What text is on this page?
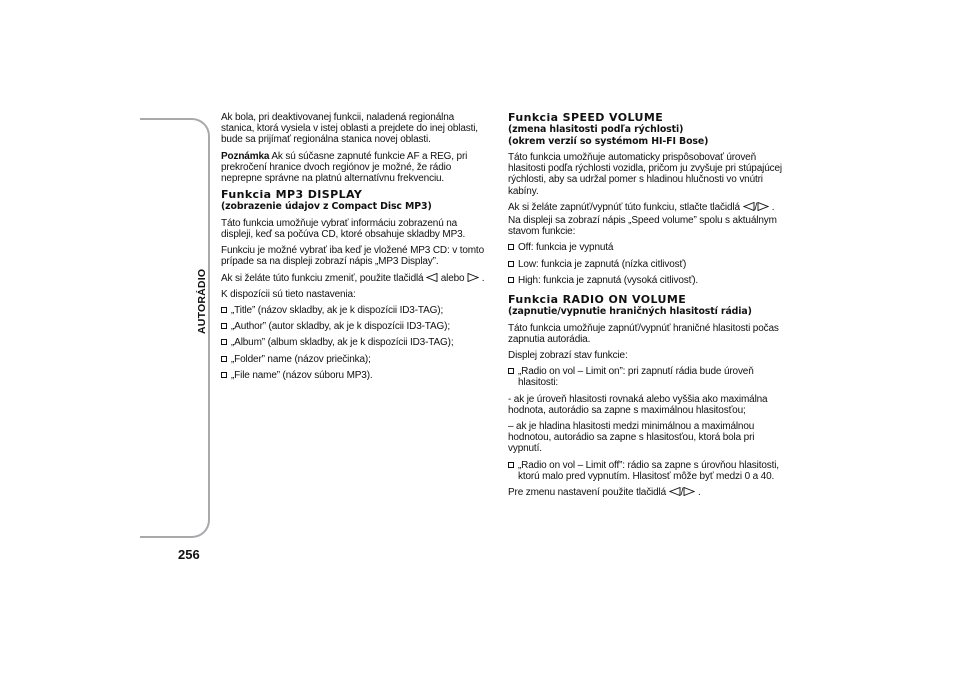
AUTORÁDIO
256

Ak bola, pri deaktivovanej funkcii, naladená regionálna stanica, ktorá vysiela v istej oblasti a prejdete do inej oblasti, bude sa prijímať regionálna stanica novej oblasti.

Poznámka Ak sú súčasne zapnuté funkcie AF a REG, pri prekročení hranice dvoch regiónov je možné, že rádio neprepne správne na platnú alternatívnu frekvenciu.

Funkcia MP3 DISPLAY
(zobrazenie údajov z Compact Disc MP3)

Táto funkcia umožňuje vybrať informáciu zobrazenú na displeji, keď sa počúva CD, ktoré obsahuje skladby MP3.

Funkciu je možné vybrať iba keď je vložené MP3 CD: v tomto prípade sa na displeji zobrazí nápis „MP3 Display”.

Ak si želáte túto funkciu zmeniť, použite tlačidlá
alebo
.

K dispozícii sú tieto nastavenia:

„Title” (názov skladby, ak je k dispozícii ID3-TAG);
„Author” (autor skladby, ak je k dispozícii ID3-TAG);
„Album” (album skladby, ak je k dispozícii ID3-TAG);
„Folder” name (názov priečinka);
„File name” (názov súboru MP3).
Funkcia SPEED VOLUME
(zmena hlasitosti podľa rýchlosti)
(okrem verzií so systémom HI-FI Bose)

Táto funkcia umožňuje automaticky prispôsobovať úroveň hlasitosti podľa rýchlosti vozidla, pričom ju zvyšuje pri stúpajúcej rýchlosti, aby sa udržal pomer s hladinou hlučnosti vo vnútri kabíny.

Ak si želáte zapnúť/vypnúť túto funkciu, stlačte tlačidlá /
.

Na displeji sa zobrazí nápis „Speed volume” spolu s aktuálnym stavom funkcie:

Off: funkcia je vypnutá
Low: funkcia je zapnutá (nízka citlivosť)
High: funkcia je zapnutá (vysoká citlivosť).
Funkcia RADIO ON VOLUME
(zapnutie/vypnutie hraničných hlasitostí rádia)

Táto funkcia umožňuje zapnúť/vypnúť hraničné hlasitosti počas zapnutia autorádia.

Displej zobrazí stav funkcie:

„Radio on vol – Limit on”: pri zapnutí rádia bude úroveň hlasitosti:

- ak je úroveň hlasitosti rovnaká alebo vyššia ako maximálna hodnota, autorádio sa zapne s maximálnou hlasitosťou;

– ak je hladina hlasitosti medzi minimálnou a maximálnou hodnotou, autorádio sa zapne s hlasitosťou, ktorá bola pri vypnutí.

„Radio on vol – Limit off”: rádio sa zapne s úrovňou hlasitosti, ktorú malo pred vypnutím. Hlasitosť môže byť medzi 0 a 40.

Pre zmenu nastavení použite tlačidlá /
.
